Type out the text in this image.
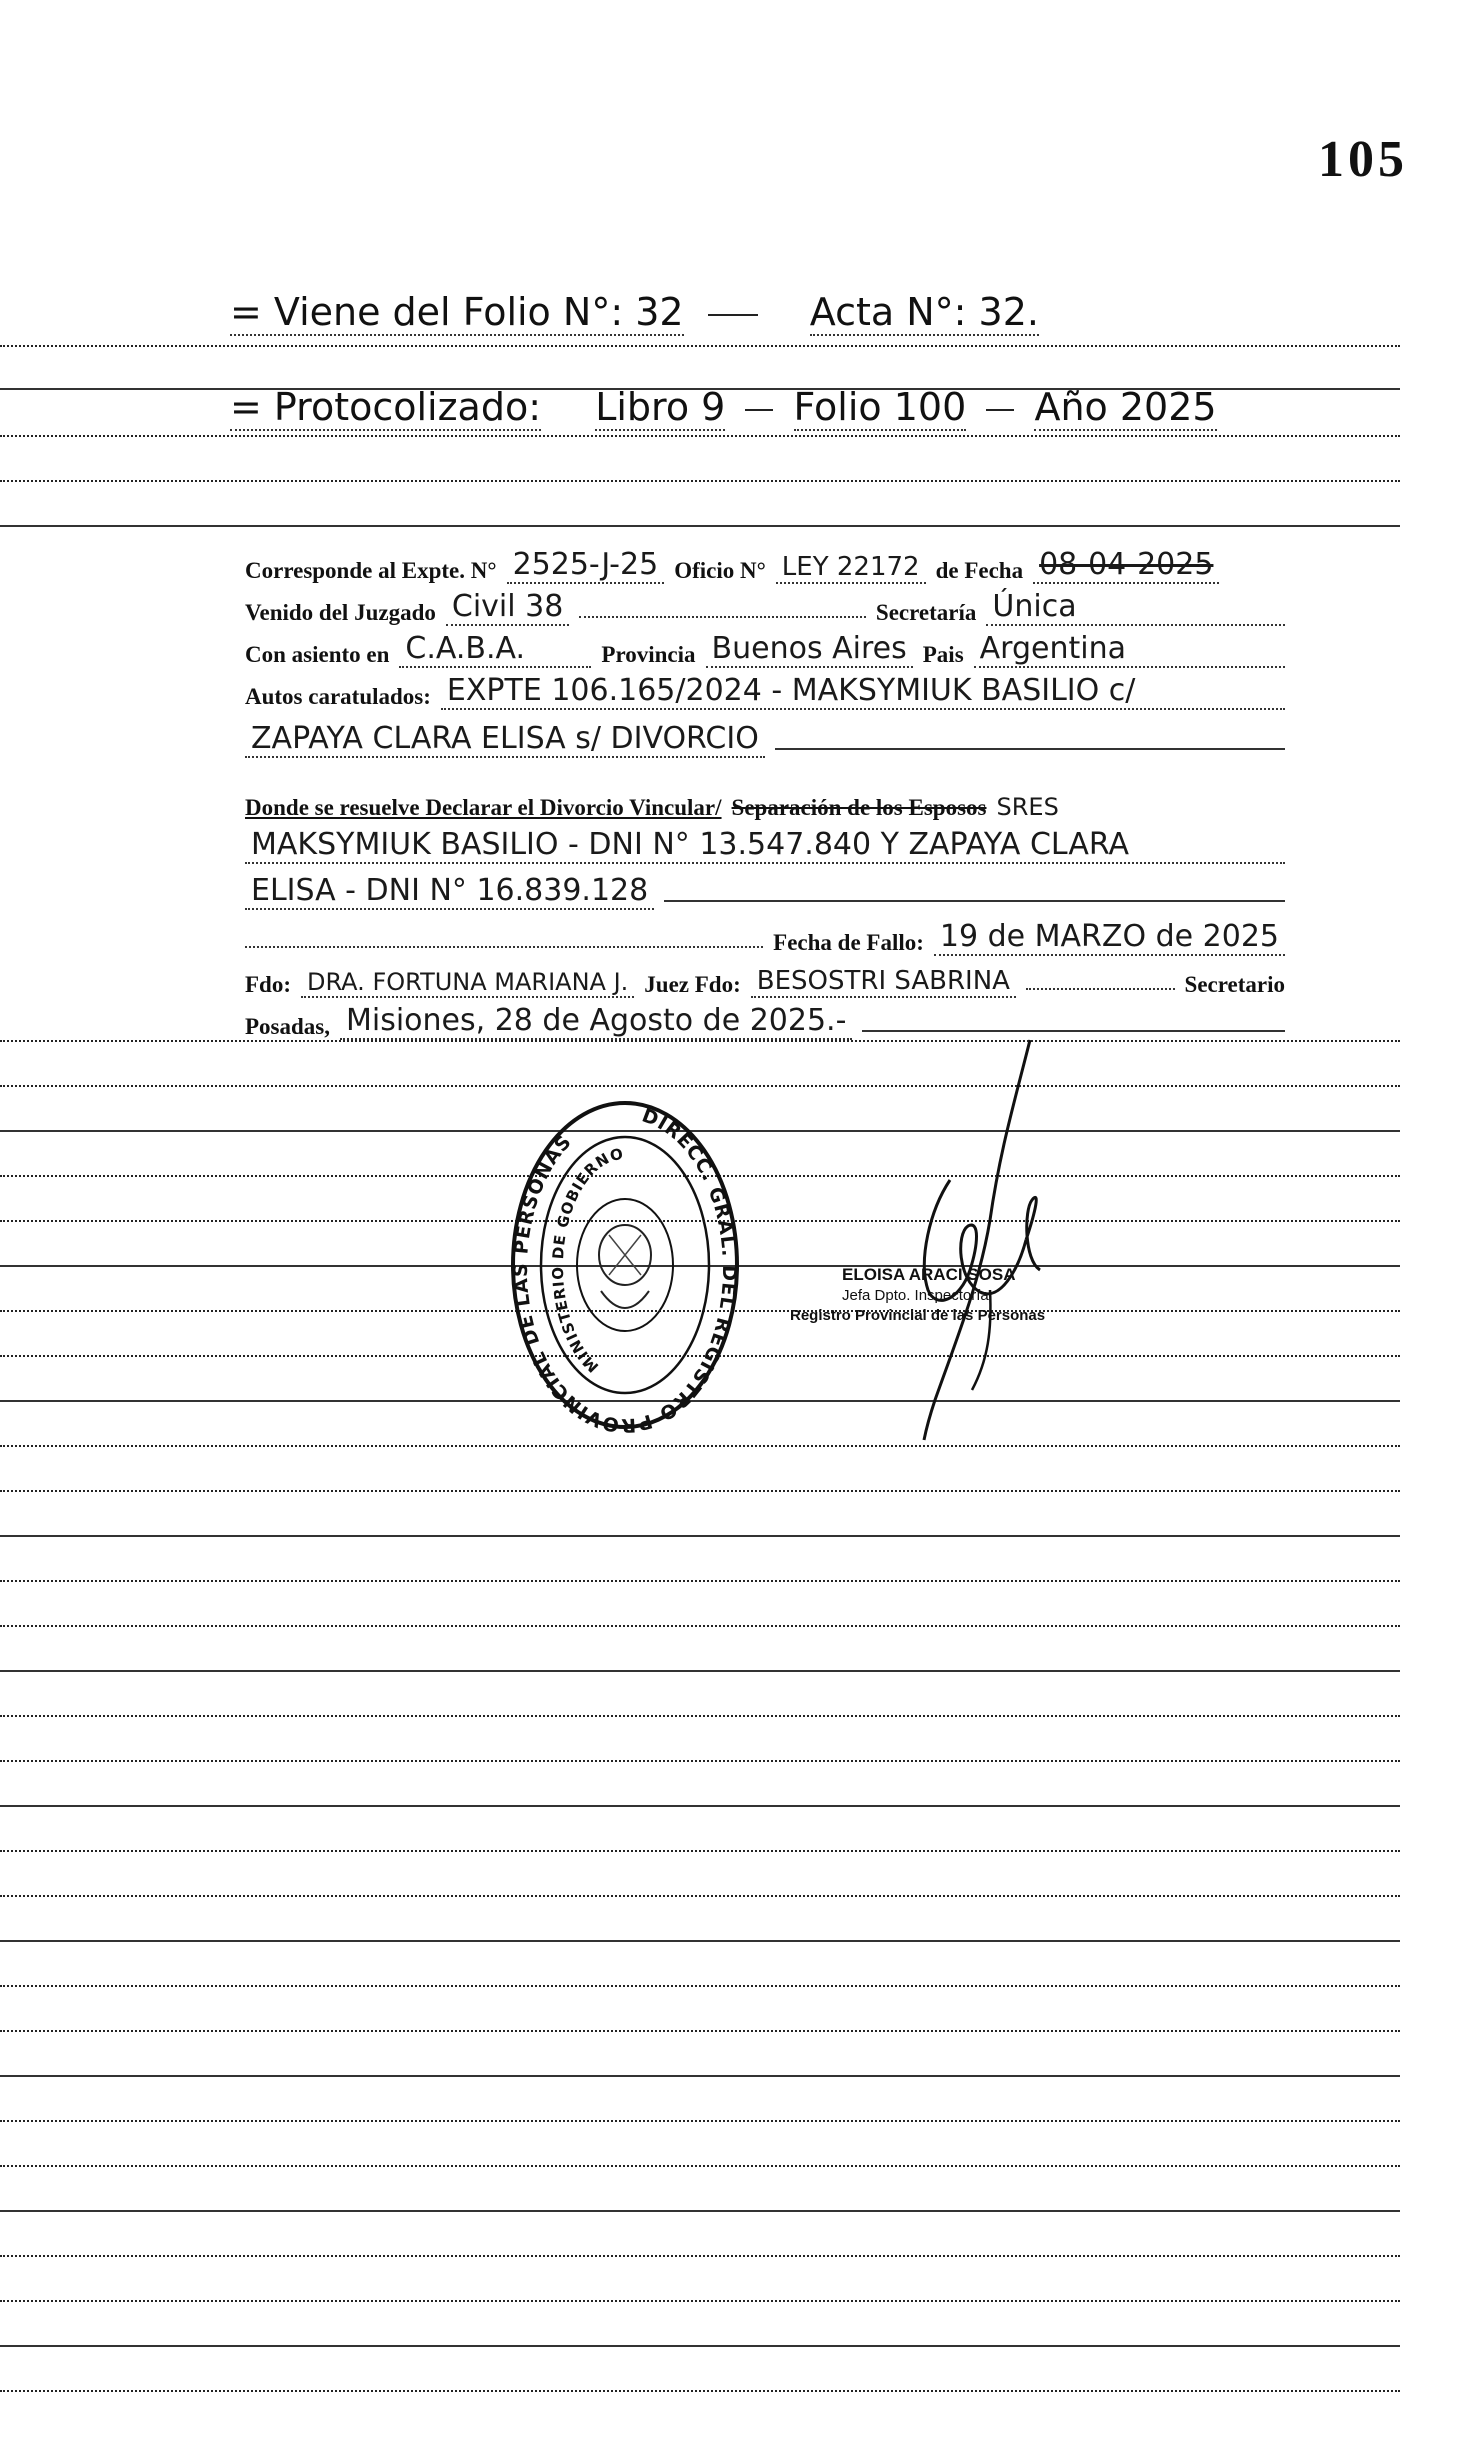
105
= Viene del Folio N°: 32	Acta N°: 32.
= Protocolizado: Libro 9 Folio 100 Año 2025
Corresponde al Expte. N° 2525-J-25 Oficio N° LEY 22172 de Fecha 08-04-2025
Venido del Juzgado Civil 38	Secretaría Única
Con asiento en C.A.B.A.	Provincia Buenos Aires Pais Argentina
Autos caratulados: EXPTE 106.165/2024 - MAKSYMIUK BASILIO c/
ZAPAYA CLARA ELISA s/ DIVORCIO
Donde se resuelve Declarar el Divorcio Vincular/ Separación de los Esposos SRES
MAKSYMIUK BASILIO - DNI N° 13.547.840 Y ZAPAYA CLARA
ELISA - DNI N° 16.839.128
Fecha de Fallo: 19 de MARZO de 2025
Fdo: DRA. FORTUNA MARIANA J. Juez Fdo: BESOSTRI SABRINA	Secretario
Posadas, Misiones, 28 de Agosto de 2025.-
DIRECC. GRAL. DEL REGISTRO PROVINCIAL DE LAS PERSONAS
MINISTERIO DE GOBIERNO
ELOISA ARACI SOSA
Jefa Dpto. Inspectoría
Registro Provincial de las Personas
